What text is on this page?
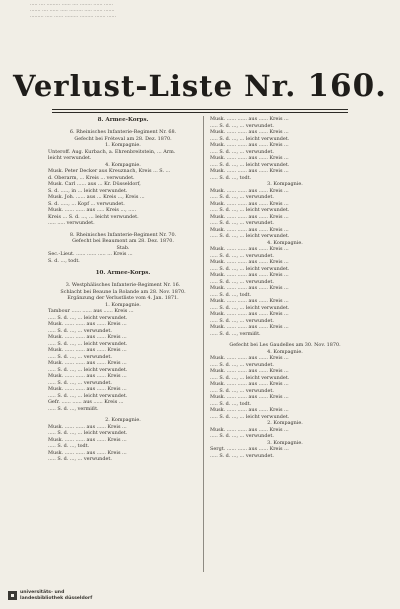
..... .... ......... ...... .... ........ ...... ......
....... .... ...... ..... ......... ..... ...... .......
......... ..... ...... ......... ......... ....... ......
Verlust-Liste Nr. 160.
8. Armee-Korps.
6. Rheinisches Infanterie-Regiment Nr. 68.
Gefecht bei Fréteval am 28. Dez. 1870.
1. Kompagnie.
Unteroff. Aug. Kurbach, a. Ehrenbreitstein, ... Arm.
leicht verwundet.
4. Kompagnie.
Musk. Peter Decker aus Kreuznach, Kreis ... S. ...
d. Oberarm, ... Kreis ... verwundet.
Musk. Carl ...... aus ... Kr. Düsseldorf,
S. d. ....., in ... leicht verwundet.
Musk. Joh. ...... aus ... Kreis ..., Kreis ...
S. d. ....., ... Kopf ... verwundet.
Musk. ...... ...... aus ..... Kreis ..., .....
Kreis ... S. d. ..., ... leicht verwundet.
..... ..... verwundet.
8. Rheinisches Infanterie-Regiment Nr. 70.
Gefecht bei Beaumont am 28. Dez. 1870.
Stab.
Sec.-Lieut. ...... ...... ..... ... Kreis ...
S. d. ..., todt.
10. Armee-Korps.
3. Westphälisches Infanterie-Regiment Nr. 16.
Schlacht bei Beaune la Rolande am 28. Nov. 1870.
Ergänzung der Verlustliste vom 4. Jan. 1871.
1. Kompagnie.
Tambour ...... ...... aus ...... Kreis ...
..... S. d. ..., ... leicht verwundet.
Musk. ...... ...... aus ...... Kreis ...
..... S. d. ..., ... verwundet.
Musk. ...... ...... aus ...... Kreis ...
..... S. d. ..., ... leicht verwundet.
Musk. ...... ...... aus ...... Kreis ...
..... S. d. ..., ... verwundet.
Musk. ...... ...... aus ...... Kreis ...
..... S. d. ..., ... leicht verwundet.
Musk. ...... ...... aus ...... Kreis ...
..... S. d. ..., ... verwundet.
Musk. ...... ...... aus ...... Kreis ...
..... S. d. ..., ... leicht verwundet.
Gefr. ...... ...... aus ...... Kreis ...
..... S. d. ..., vermißt.
2. Kompagnie.
Musk. ...... ...... aus ...... Kreis ...
..... S. d. ..., ... leicht verwundet.
Musk. ...... ...... aus ...... Kreis ...
..... S. d. ..., todt.
Musk. ...... ...... aus ...... Kreis ...
..... S. d. ..., ... verwundet.
Musk. ...... ...... aus ...... Kreis ...
..... S. d. ..., ... verwundet.
Musk. ...... ...... aus ...... Kreis ...
..... S. d. ..., ... leicht verwundet.
Musk. ...... ...... aus ...... Kreis ...
..... S. d. ..., ... verwundet.
Musk. ...... ...... aus ...... Kreis ...
..... S. d. ..., ... leicht verwundet.
Musk. ...... ...... aus ...... Kreis ...
..... S. d. ..., todt.
3. Kompagnie.
Musk. ...... ...... aus ...... Kreis ...
..... S. d. ..., ... verwundet.
Musk. ...... ...... aus ...... Kreis ...
..... S. d. ..., ... leicht verwundet.
Musk. ...... ...... aus ...... Kreis ...
..... S. d. ..., ... verwundet.
Musk. ...... ...... aus ...... Kreis ...
..... S. d. ..., ... leicht verwundet.
4. Kompagnie.
Musk. ...... ...... aus ...... Kreis ...
..... S. d. ..., ... verwundet.
Musk. ...... ...... aus ...... Kreis ...
..... S. d. ..., ... leicht verwundet.
Musk. ...... ...... aus ...... Kreis ...
..... S. d. ..., ... verwundet.
Musk. ...... ...... aus ...... Kreis ...
..... S. d. ..., todt.
Musk. ...... ...... aus ...... Kreis ...
..... S. d. ..., ... leicht verwundet.
Musk. ...... ...... aus ...... Kreis ...
..... S. d. ..., ... verwundet.
Musk. ...... ...... aus ...... Kreis ...
..... S. d. ..., vermißt.
Gefecht bei Les Gaudelles am 30. Nov. 1870.
4. Kompagnie.
Musk. ...... ...... aus ...... Kreis ...
..... S. d. ..., ... verwundet.
Musk. ...... ...... aus ...... Kreis ...
..... S. d. ..., ... leicht verwundet.
Musk. ...... ...... aus ...... Kreis ...
..... S. d. ..., ... verwundet.
Musk. ...... ...... aus ...... Kreis ...
..... S. d. ..., todt.
Musk. ...... ...... aus ...... Kreis ...
..... S. d. ..., ... leicht verwundet.
2. Kompagnie.
Musk. ...... ...... aus ...... Kreis ...
..... S. d. ..., ... verwundet.
3. Kompagnie.
Sergt. ...... ...... aus ...... Kreis ...
..... S. d. ..., ... verwundet.
universitäts- und
landesbibliothek düsseldorf
